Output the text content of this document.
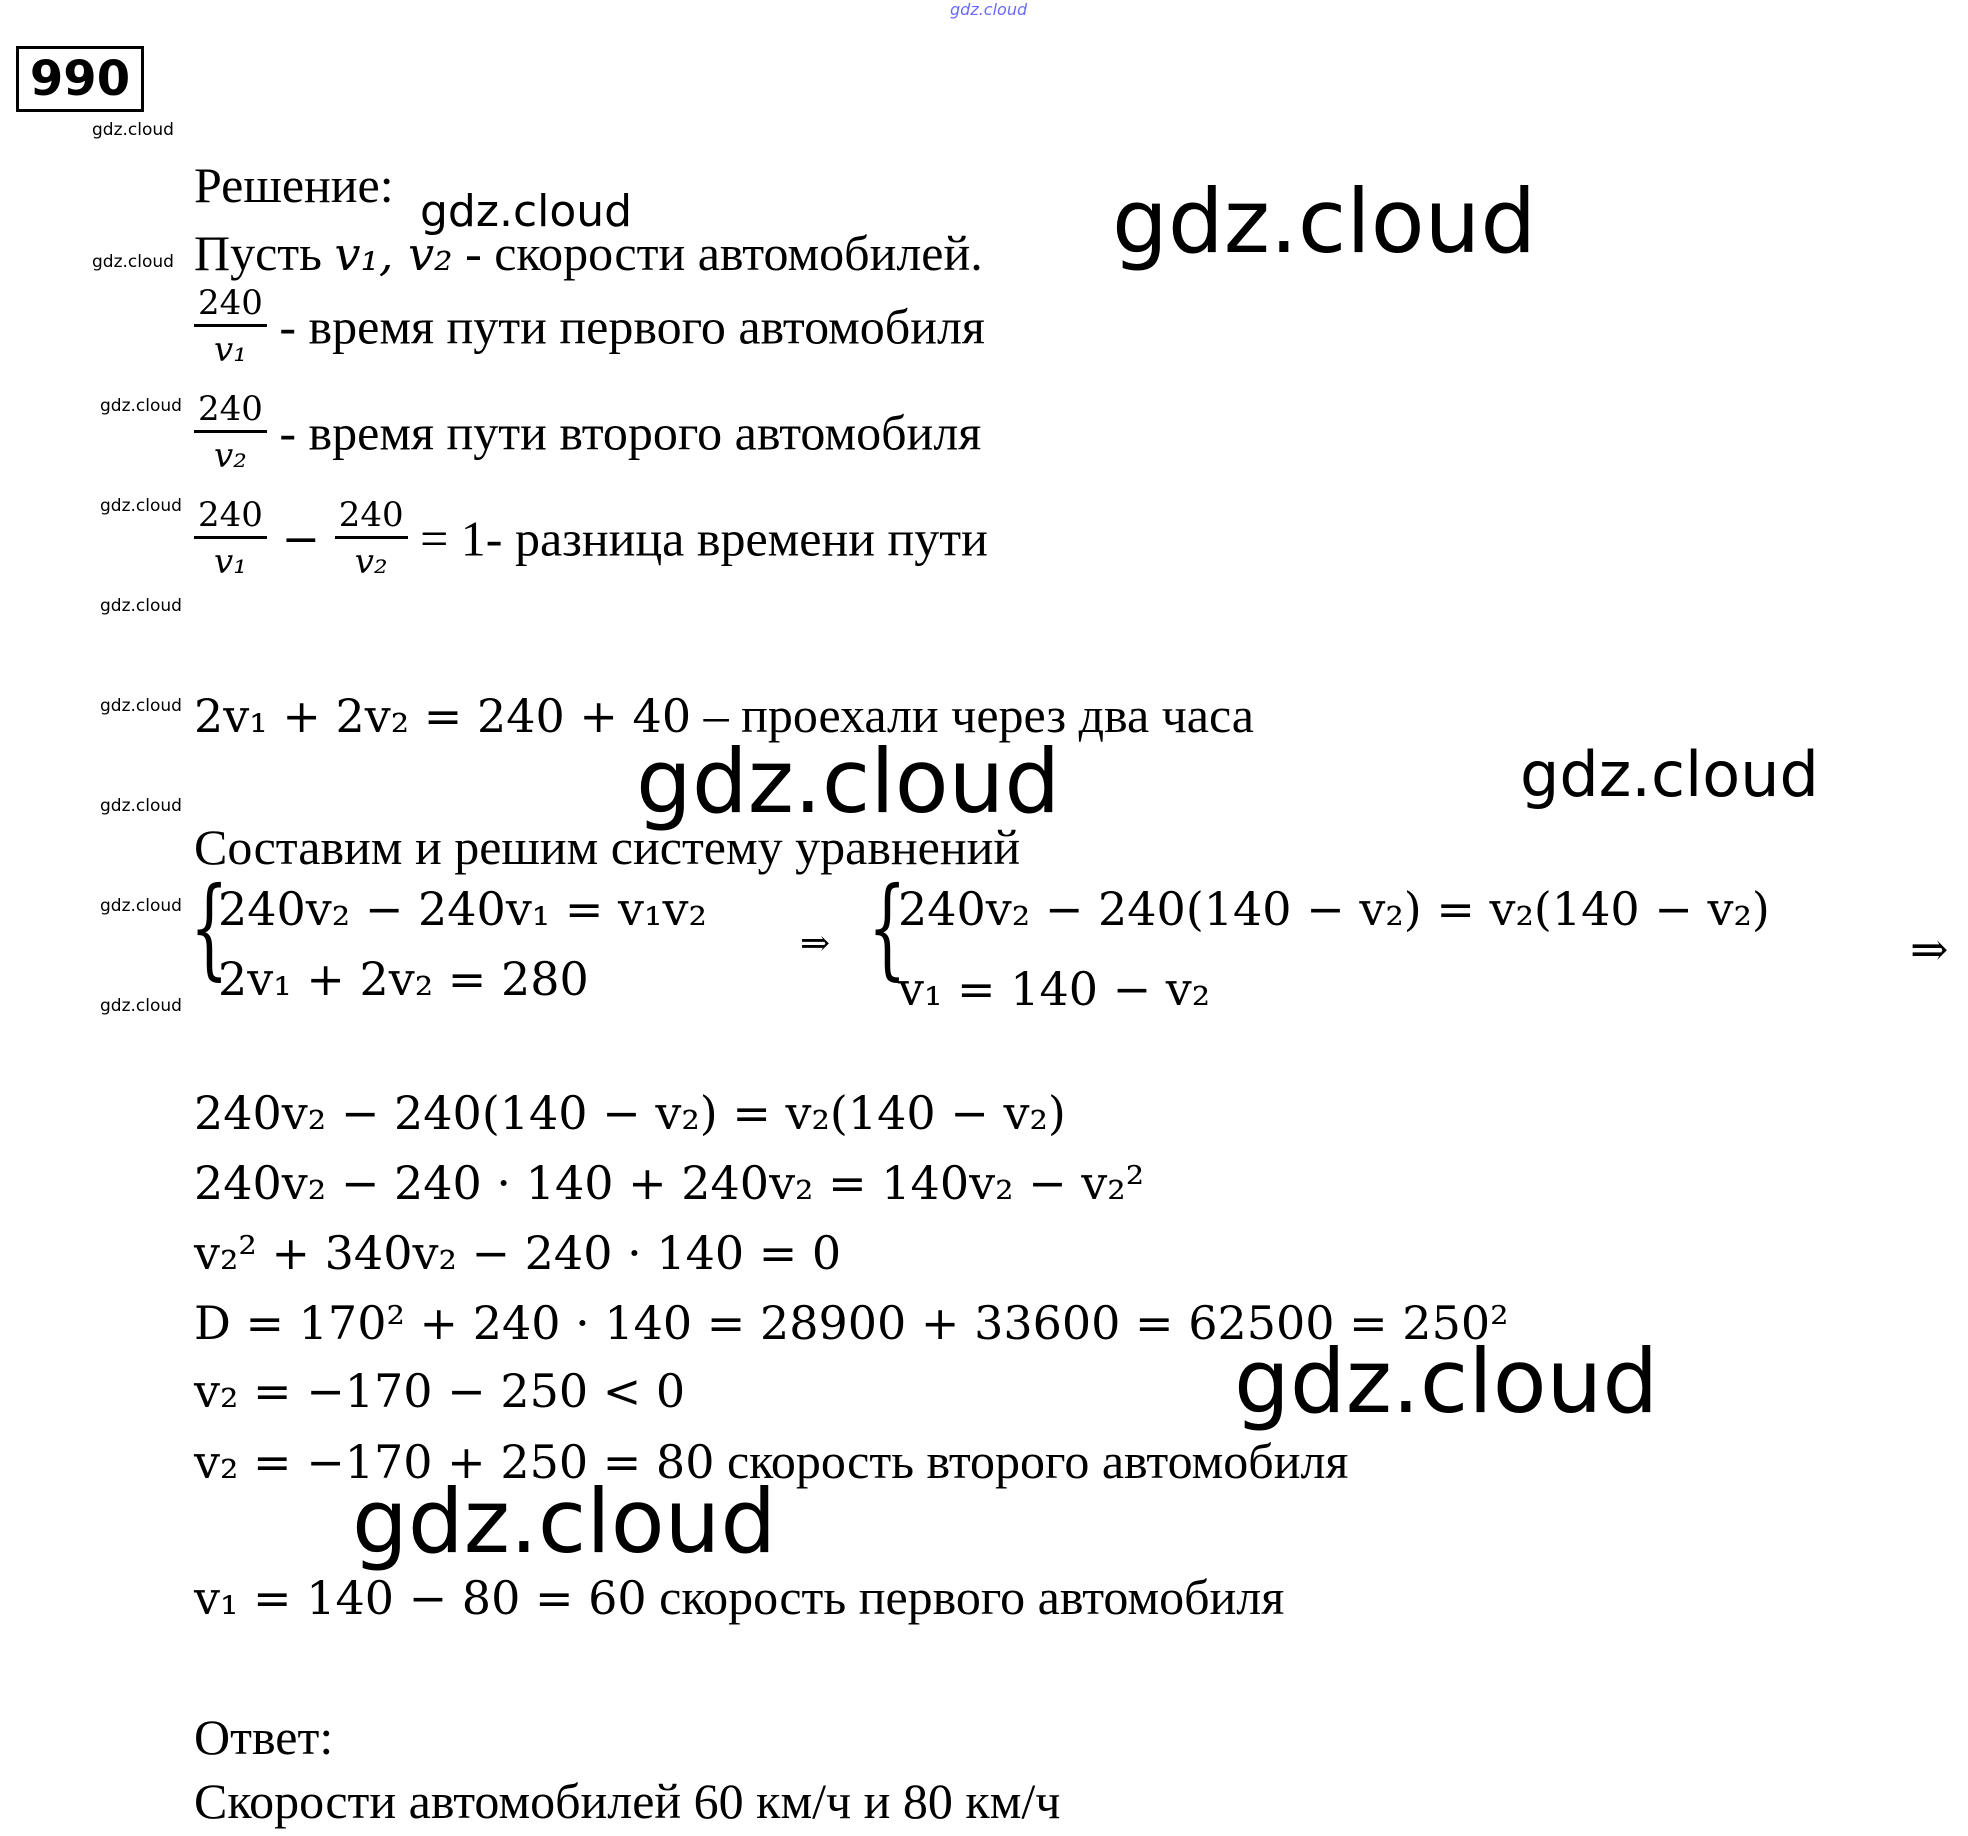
gdz.cloud
gdz.cloud
gdz.cloud
gdz.cloud
gdz.cloud
gdz.cloud
gdz.cloud
gdz.cloud
gdz.cloud
gdz.cloud
gdz.cloud	gdz.cloud
gdz.cloud	gdz.cloud
gdz.cloud
gdz.cloud
990
Решение:
Пусть v₁, v₂ - скорости автомобилей.
$\frac{240}{\text{v₁}}$ - время пути первого автомобиля
$\frac{240}{\text{v₂}}$ - время пути второго автомобиля
$\frac{240}{\text{v₁}} - \frac{240}{\text{v₂}} = 1-$ разница времени пути
2v₁ + 2v₂ = 240 + 40 – проехали через два часа
Составим и решим систему уравнений
{
240v₂ − 240v₁ = v₁v₂
2v₁ + 2v₂ = 280
⇒ {
240v₂ − 240(140 − v₂) = v₂(140 − v₂)
v₁ = 140 − v₂
⇒
240v₂ − 240(140 − v₂) = v₂(140 − v₂)
240v₂ − 240 · 140 + 240v₂ = 140v₂ − v₂²
v₂² + 340v₂ − 240 · 140 = 0
D = 170² + 240 · 140 = 28900 + 33600 = 62500 = 250²
v₂ = −170 − 250 < 0
v₂ = −170 + 250 = 80 скорость второго автомобиля
v₁ = 140 − 80 = 60 скорость первого автомобиля
Ответ:
Скорости автомобилей 60 км/ч и 80 км/ч
